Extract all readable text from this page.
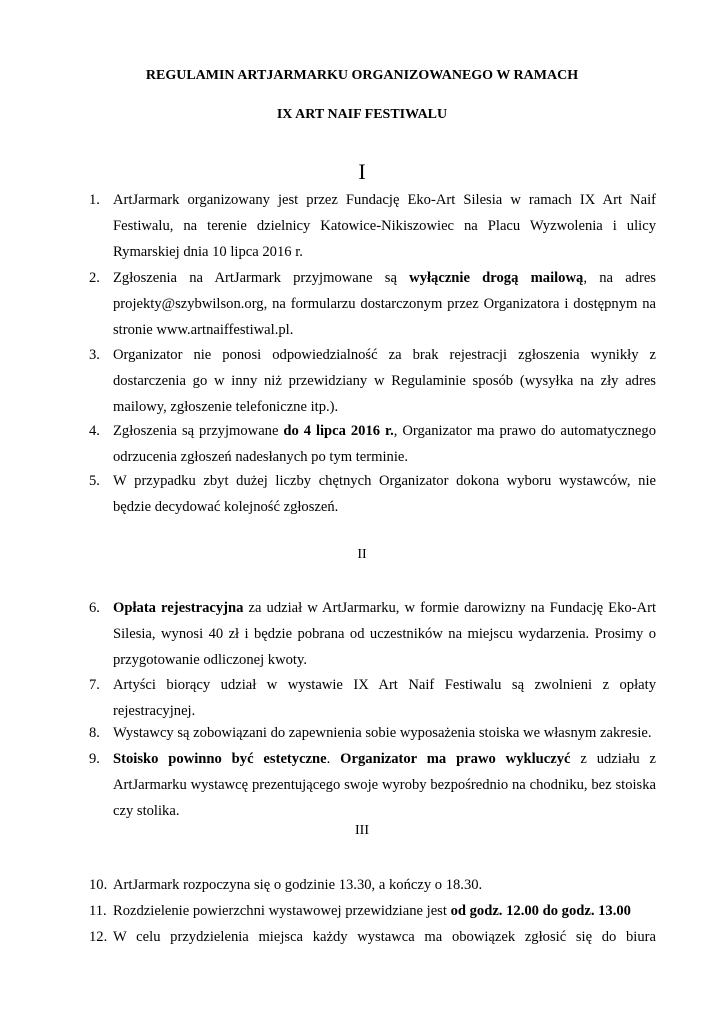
REGULAMIN ARTJARMARKU ORGANIZOWANEGO W RAMACH
IX ART NAIF FESTIWALU
I
1. ArtJarmark organizowany jest przez Fundację Eko-Art Silesia w ramach IX Art Naif Festiwalu, na terenie dzielnicy Katowice-Nikiszowiec na Placu Wyzwolenia i ulicy Rymarskiej dnia 10 lipca 2016 r.
2. Zgłoszenia na ArtJarmark przyjmowane są wyłącznie drogą mailową, na adres projekty@szybwilson.org, na formularzu dostarczonym przez Organizatora i dostępnym na stronie www.artnaiffestiwal.pl.
3. Organizator nie ponosi odpowiedzialność za brak rejestracji zgłoszenia wynikły z dostarczenia go w inny niż przewidziany w Regulaminie sposób (wysyłka na zły adres mailowy, zgłoszenie telefoniczne itp.).
4. Zgłoszenia są przyjmowane do 4 lipca 2016 r., Organizator ma prawo do automatycznego odrzucenia zgłoszeń nadesłanych po tym terminie.
5. W przypadku zbyt dużej liczby chętnych Organizator dokona wyboru wystawców, nie będzie decydować kolejność zgłoszeń.
II
6. Opłata rejestracyjna za udział w ArtJarmarku, w formie darowizny na Fundację Eko-Art Silesia, wynosi 40 zł i będzie pobrana od uczestników na miejscu wydarzenia. Prosimy o przygotowanie odliczonej kwoty.
7. Artyści biorący udział w wystawie IX Art Naif Festiwalu są zwolnieni z opłaty rejestracyjnej.
8. Wystawcy są zobowiązani do zapewnienia sobie wyposażenia stoiska we własnym zakresie.
9. Stoisko powinno być estetyczne. Organizator ma prawo wykluczyć z udziału z ArtJarmarku wystawcę prezentującego swoje wyroby bezpośrednio na chodniku, bez stoiska czy stolika.
III
10. ArtJarmark rozpoczyna się o godzinie 13.30, a kończy o 18.30.
11. Rozdzielenie powierzchni wystawowej przewidziane jest od godz. 12.00 do godz. 13.00
12. W celu przydzielenia miejsca każdy wystawca ma obowiązek zgłosić się do biura
